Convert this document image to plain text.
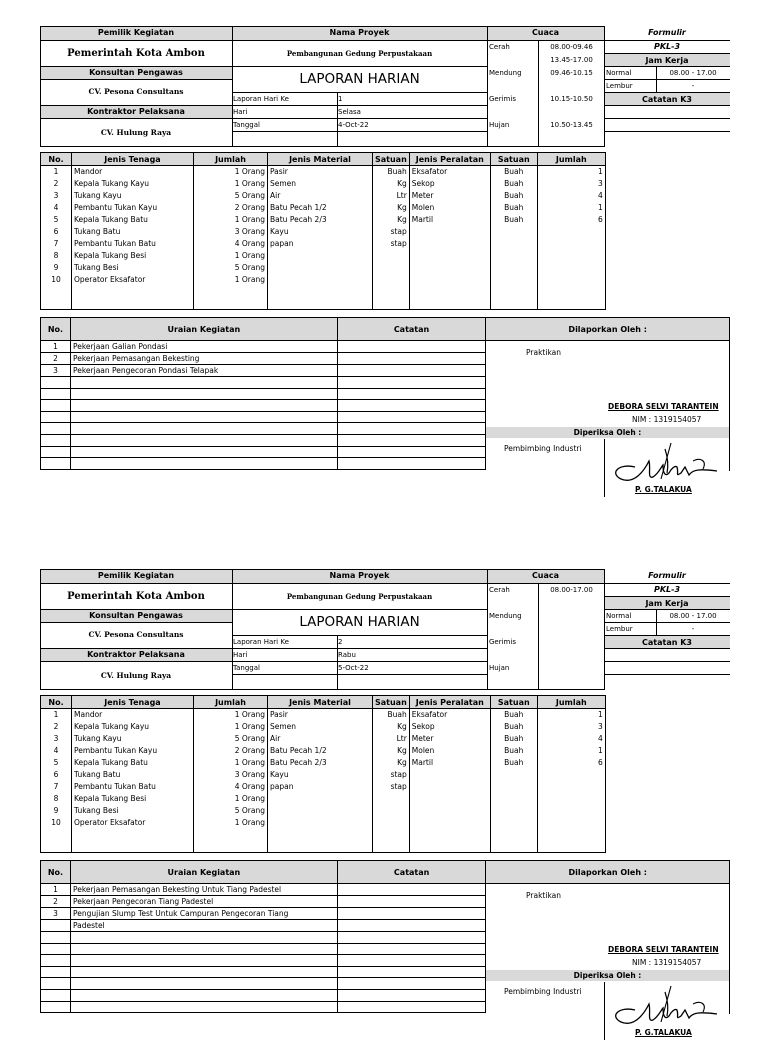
Pemilik Kegiatan
Pemerintah Kota Ambon
Konsultan Pengawas
CV. Pesona Consultans
Kontraktor Pelaksana
CV. Hulung Raya
Nama Proyek
Pembangunan Gedung Perpustakaan
LAPORAN HARIAN
Laporan Hari Ke	1
Hari	Selasa
Tanggal	4-Oct-22
Cuaca
Cerah	08.00-09.46
13.45-17.00
Mendung	09.46-10.15
Gerimis	10.15-10.50
Hujan	10.50-13.45
Formulir
PKL-3
Jam Kerja
Normal	08.00 - 17.00
Lembur	-
Catatan K3
No.	Jenis Tenaga	Jumlah	Jenis Material	Satuan	Jenis Peralatan	Satuan	Jumlah
1	Mandor	1 Orang	Pasir	Buah	Eksafator	Buah	1
2	Kepala Tukang Kayu	1 Orang	Semen	Kg	Sekop	Buah	3
3	Tukang Kayu	5 Orang	Air	Ltr	Meter	Buah	4
4	Pembantu Tukan Kayu	2 Orang	Batu Pecah 1/2	Kg	Molen	Buah	1
5	Kepala Tukang Batu	1 Orang	Batu Pecah 2/3	Kg	Martil	Buah	6
6	Tukang Batu	3 Orang	Kayu	stap			
7	Pembantu Tukan Batu	4 Orang	papan	stap			
8	Kepala Tukang Besi	1 Orang					
9	Tukang Besi	5 Orang					
10	Operator Eksafator	1 Orang					

No.	Uraian Kegiatan	Catatan	Dilaporkan Oleh :
1	Pekerjaan Galian Pondasi		
2	Pekerjaan Pemasangan Bekesting		
3	Pekerjaan Pengecoran Pondasi Telapak		

Praktikan
DEBORA SELVI TARANTEIN
NIM : 1319154057
Diperiksa Oleh :
Pembimbing Industri
P. G.TALAKUA
Pemilik Kegiatan
Pemerintah Kota Ambon
Konsultan Pengawas
CV. Pesona Consultans
Kontraktor Pelaksana
CV. Hulung Raya
Nama Proyek
Pembangunan Gedung Perpustakaan
LAPORAN HARIAN
Laporan Hari Ke	2
Hari	Rabu
Tanggal	5-Oct-22
Cuaca
Cerah	08.00-17.00
Mendung
Gerimis
Hujan
Formulir
PKL-3
Jam Kerja
Normal	08.00 - 17.00
Lembur	-
Catatan K3
No.	Jenis Tenaga	Jumlah	Jenis Material	Satuan	Jenis Peralatan	Satuan	Jumlah
1	Mandor	1 Orang	Pasir	Buah	Eksafator	Buah	1
2	Kepala Tukang Kayu	1 Orang	Semen	Kg	Sekop	Buah	3
3	Tukang Kayu	5 Orang	Air	Ltr	Meter	Buah	4
4	Pembantu Tukan Kayu	2 Orang	Batu Pecah 1/2	Kg	Molen	Buah	1
5	Kepala Tukang Batu	1 Orang	Batu Pecah 2/3	Kg	Martil	Buah	6
6	Tukang Batu	3 Orang	Kayu	stap			
7	Pembantu Tukan Batu	4 Orang	papan	stap			
8	Kepala Tukang Besi	1 Orang					
9	Tukang Besi	5 Orang					
10	Operator Eksafator	1 Orang					

No.	Uraian Kegiatan	Catatan	Dilaporkan Oleh :
1	Pekerjaan Pemasangan Bekesting Untuk Tiang Padestel		
2	Pekerjaan Pengecoran Tiang Padestel		
3	Pengujian Slump Test Untuk Campuran Pengecoran Tiang		
	Padestel		

Praktikan
DEBORA SELVI TARANTEIN
NIM : 1319154057
Diperiksa Oleh :
Pembimbing Industri
P. G.TALAKUA
